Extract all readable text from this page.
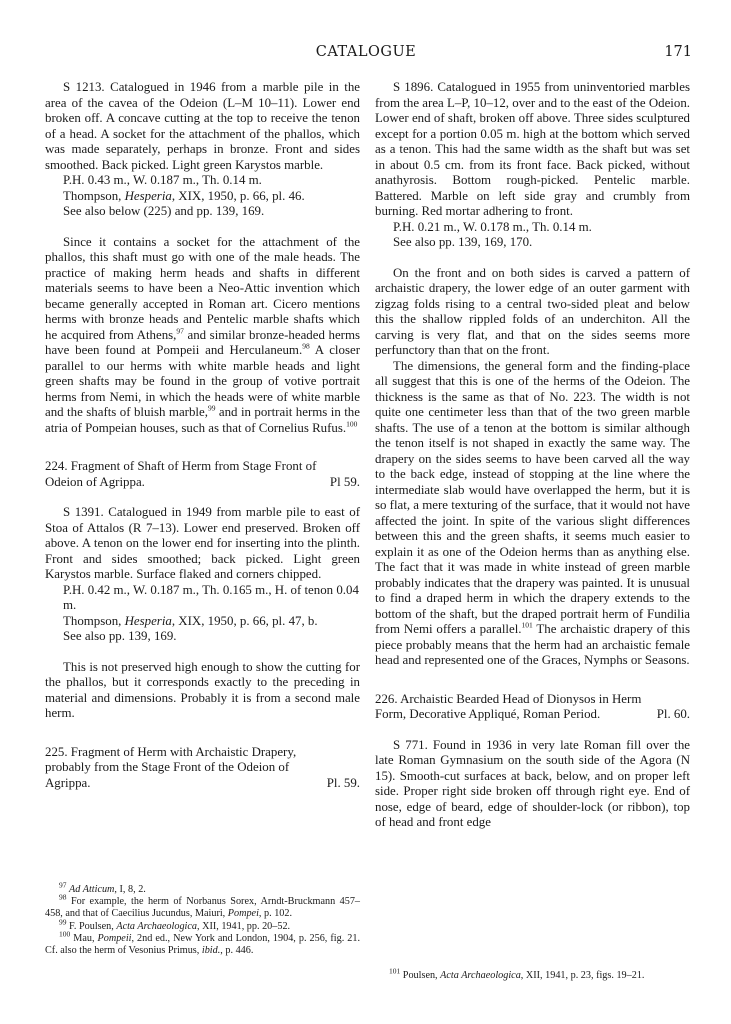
CATALOGUE	171

S 1213. Catalogued in 1946 from a marble pile in the area of the cavea of the Odeion (L–M 10–11). Lower end broken off. A concave cutting at the top to receive the tenon of a head. A socket for the attachment of the phallos, which was made separately, perhaps in bronze. Front and sides smoothed. Back picked. Light green Karystos marble.

P.H. 0.43 m., W. 0.187 m., Th. 0.14 m.

Thompson, Hesperia, XIX, 1950, p. 66, pl. 46.

See also below (225) and pp. 139, 169.

Since it contains a socket for the attachment of the phallos, this shaft must go with one of the male heads. The practice of making herm heads and shafts in different materials seems to have been a Neo-Attic invention which became generally accepted in Roman art. Cicero mentions herms with bronze heads and Pentelic marble shafts which he acquired from Athens,$^{97}$ and similar bronze-headed herms have been found at Pompeii and Herculaneum.$^{98}$ A closer parallel to our herms with white marble heads and light green shafts may be found in the group of votive portrait herms from Nemi, in which the heads were of white marble and the shafts of bluish marble,$^{99}$ and in portrait herms in the atria of Pompeian houses, such as that of Cornelius Rufus.$^{100}$

224. Fragment of Shaft of Herm from Stage Front of Odeion of Agrippa.	Pl 59.

S 1391. Catalogued in 1949 from marble pile to east of Stoa of Attalos (R 7–13). Lower end preserved. Broken off above. A tenon on the lower end for inserting into the plinth. Front and sides smoothed; back picked. Light green Karystos marble. Surface flaked and corners chipped.

P.H. 0.42 m., W. 0.187 m., Th. 0.165 m., H. of tenon 0.04 m.

Thompson, Hesperia, XIX, 1950, p. 66, pl. 47, b.

See also pp. 139, 169.

This is not preserved high enough to show the cutting for the phallos, but it corresponds exactly to the preceding in material and dimensions. Probably it is from a second male herm.

225. Fragment of Herm with Archaistic Drapery, probably from the Stage Front of the Odeion of Agrippa.	Pl. 59.

$^{97}$ Ad Atticum, I, 8, 2.

$^{98}$ For example, the herm of Norbanus Sorex, Arndt-Bruckmann 457–458, and that of Caecilius Jucundus, Maiuri, Pompei, p. 102.

$^{99}$ F. Poulsen, Acta Archaeologica, XII, 1941, pp. 20–52.

$^{100}$ Mau, Pompeii, 2nd ed., New York and London, 1904, p. 256, fig. 21. Cf. also the herm of Vesonius Primus, ibid., p. 446.

S 1896. Catalogued in 1955 from uninventoried marbles from the area L–P, 10–12, over and to the east of the Odeion. Lower end of shaft, broken off above. Three sides sculptured except for a portion 0.05 m. high at the bottom which served as a tenon. This had the same width as the shaft but was set in about 0.5 cm. from its front face. Back picked, without anathyrosis. Bottom rough-picked. Pentelic marble. Battered. Marble on left side gray and crumbly from burning. Red mortar adhering to front.

P.H. 0.21 m., W. 0.178 m., Th. 0.14 m.

See also pp. 139, 169, 170.

On the front and on both sides is carved a pattern of archaistic drapery, the lower edge of an outer garment with zigzag folds rising to a central two-sided pleat and below this the shallow rippled folds of an underchiton. All the carving is very flat, and that on the sides seems more perfunctory than that on the front.

The dimensions, the general form and the finding-place all suggest that this is one of the herms of the Odeion. The thickness is the same as that of No. 223. The width is not quite one centimeter less than that of the two green marble shafts. The use of a tenon at the bottom is similar although the tenon itself is not shaped in exactly the same way. The drapery on the sides seems to have been carved all the way to the back edge, instead of stopping at the line where the intermediate slab would have overlapped the herm, but it is so flat, a mere texturing of the surface, that it would not have affected the joint. In spite of the various slight differences between this and the green shafts, it seems much easier to explain it as one of the Odeion herms than as anything else. The fact that it was made in white instead of green marble probably indicates that the drapery was painted. It is unusual to find a draped herm in which the drapery extends to the bottom of the shaft, but the draped portrait herm of Fundilia from Nemi offers a parallel.$^{101}$ The archaistic drapery of this piece probably means that the herm had an archaistic female head and represented one of the Graces, Nymphs or Seasons.

226. Archaistic Bearded Head of Dionysos in Herm Form, Decorative Appliqué, Roman Period.	Pl. 60.

S 771. Found in 1936 in very late Roman fill over the late Roman Gymnasium on the south side of the Agora (N 15). Smooth-cut surfaces at back, below, and on proper left side. Proper right side broken off through right eye. End of nose, edge of beard, edge of shoulder-lock (or ribbon), top of head and front edge

$^{101}$ Poulsen, Acta Archaeologica, XII, 1941, p. 23, figs. 19–21.
